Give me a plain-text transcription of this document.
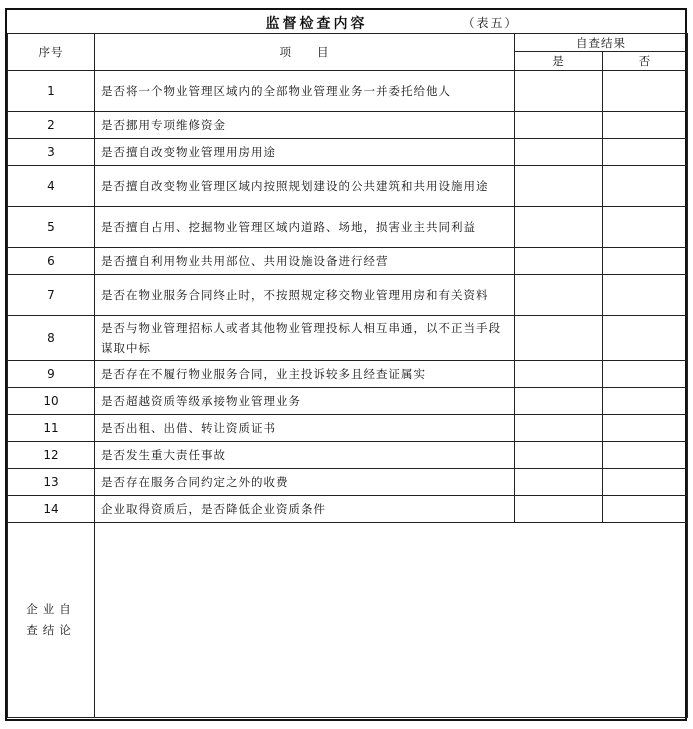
监督检查内容 （表五）			

序号	项　　目	自查结果	
		是	否
1	是否将一个物业管理区域内的全部物业管理业务一并委托给他人		
2	是否挪用专项维修资金		
3	是否擅自改变物业管理用房用途		
4	是否擅自改变物业管理区域内按照规划建设的公共建筑和共用设施用途		
5	是否擅自占用、挖掘物业管理区域内道路、场地，损害业主共同利益		
6	是否擅自利用物业共用部位、共用设施设备进行经营		
7	是否在物业服务合同终止时，不按照规定移交物业管理用房和有关资料		
8	是否与物业管理招标人或者其他物业管理投标人相互串通，以不正当手段谋取中标		
9	是否存在不履行物业服务合同，业主投诉较多且经查证属实		
10	是否超越资质等级承接物业管理业务		
11	是否出租、出借、转让资质证书		
12	是否发生重大责任事故		
13	是否存在服务合同约定之外的收费		
14	企业取得资质后，是否降低企业资质条件		

企业自
查结论			
